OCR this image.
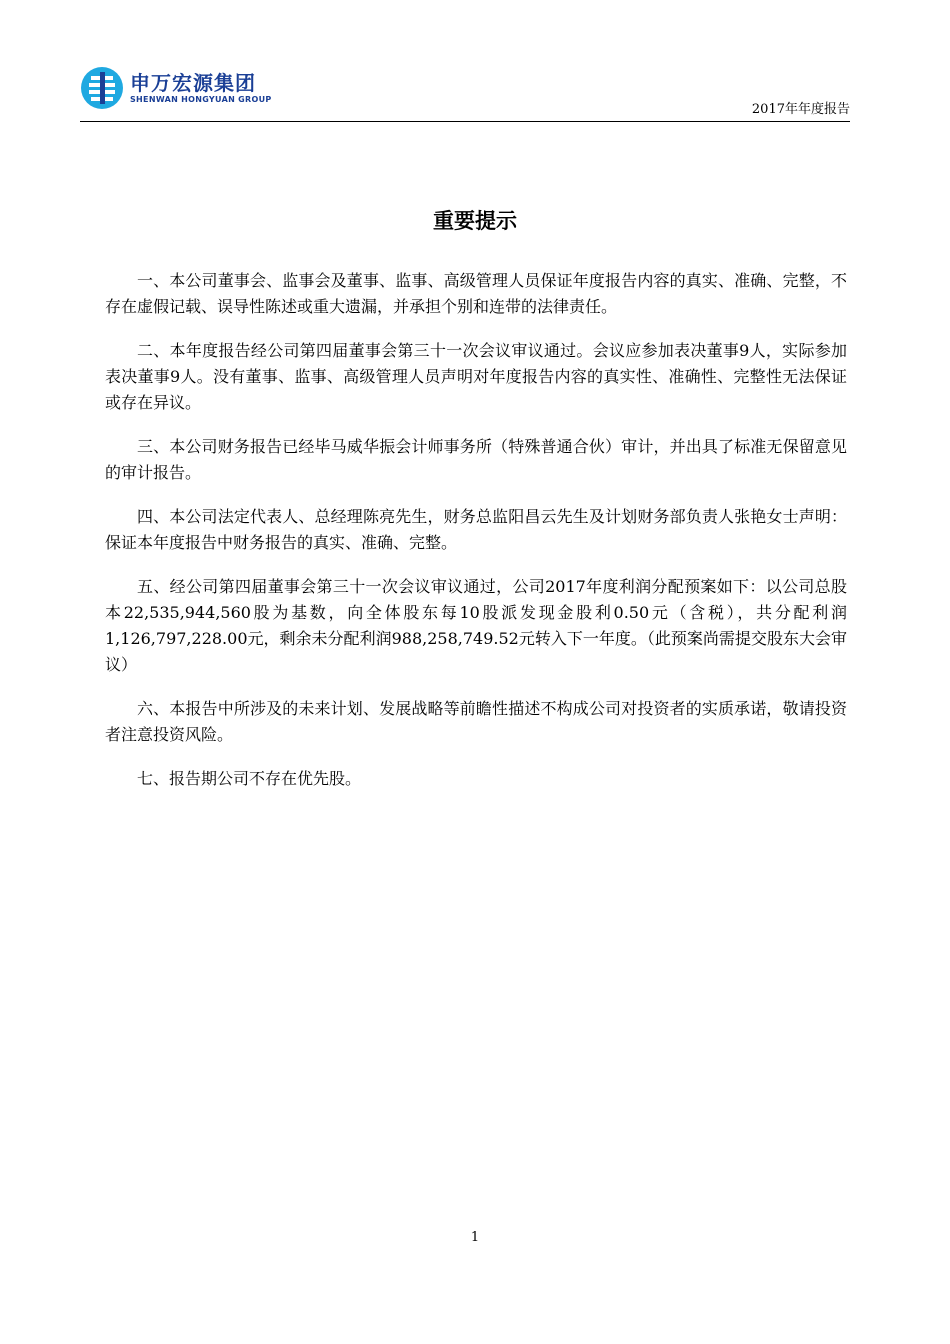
申万宏源集团
SHENWAN HONGYUAN GROUP
2017年年度报告
重要提示

一、本公司董事会、监事会及董事、监事、高级管理人员保证年度报告内容的真实、准确、完整，不存在虚假记载、误导性陈述或重大遗漏，并承担个别和连带的法律责任。

二、本年度报告经公司第四届董事会第三十一次会议审议通过。会议应参加表决董事9人，实际参加表决董事9人。没有董事、监事、高级管理人员声明对年度报告内容的真实性、准确性、完整性无法保证或存在异议。

三、本公司财务报告已经毕马威华振会计师事务所（特殊普通合伙）审计，并出具了标准无保留意见的审计报告。

四、本公司法定代表人、总经理陈亮先生，财务总监阳昌云先生及计划财务部负责人张艳女士声明：保证本年度报告中财务报告的真实、准确、完整。

五、经公司第四届董事会第三十一次会议审议通过，公司2017年度利润分配预案如下：以公司总股本22,535,944,560股为基数，向全体股东每10股派发现金股利0.50元（含税），共分配利润1,126,797,228.00元，剩余未分配利润988,258,749.52元转入下一年度。（此预案尚需提交股东大会审议）

六、本报告中所涉及的未来计划、发展战略等前瞻性描述不构成公司对投资者的实质承诺，敬请投资者注意投资风险。

七、报告期公司不存在优先股。

1
